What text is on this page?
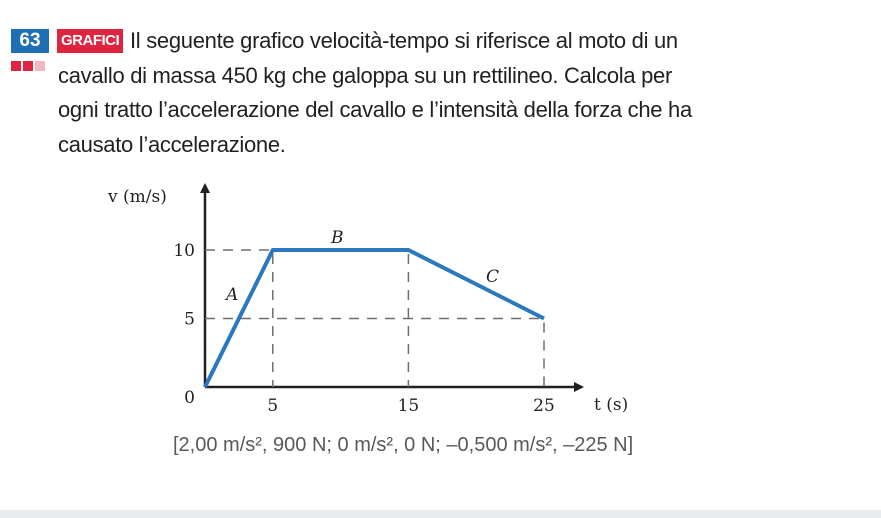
63	GRAFICI Il seguente grafico velocità-tempo si riferisce al moto di un cavallo di massa 450 kg che galoppa su un rettilineo. Calcola per ogni tratto l’accelerazione del cavallo e l’intensità della forza che ha causato l’accelerazione.
5	15	25
0
5
10
v (m/s)
t (s)
A
B
C
[2,00 m/s², 900 N; 0 m/s², 0 N; –0,500 m/s², –225 N]
